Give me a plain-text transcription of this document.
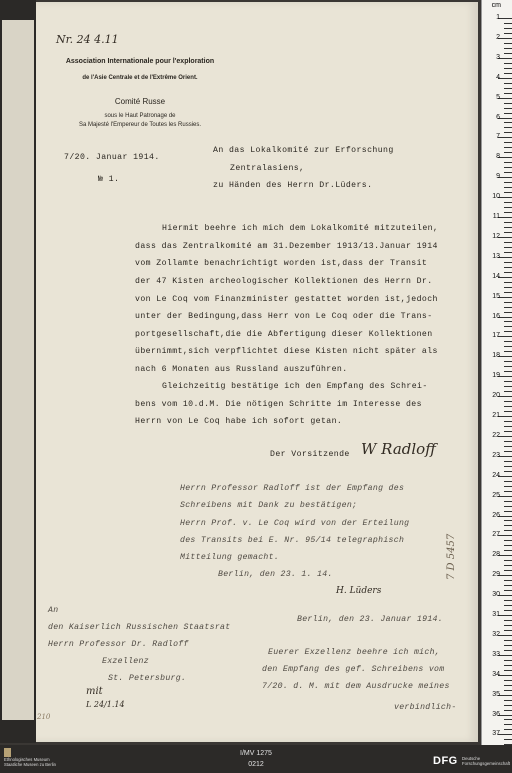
Nr. 24 4.11
Association Internationale pour l'exploration
de l'Asie Centrale et de l'Extrême Orient.
Comité Russe
sous le Haut Patronage de
Sa Majesté l'Empereur de Toutes les Russies.
7/20. Januar 1914.
№ 1.
An das Lokalkomité zur Erforschung
Zentralasiens,
zu Händen des Herrn Dr.Lüders.
Hiermit beehre ich mich dem Lokalkomité mitzuteilen,
dass das Zentralkomité am 31.Dezember 1913/13.Januar 1914
vom Zollamte benachrichtigt worden ist,dass der Transit
der 47 Kisten archeologischer Kollektionen des Herrn Dr.
von Le Coq vom Finanzminister gestattet worden ist,jedoch
unter der Bedingung,dass Herr von Le Coq oder die Trans-
portgesellschaft,die die Abfertigung dieser Kollektionen
übernimmt,sich verpflichtet diese Kisten nicht später als
nach 6 Monaten aus Russland auszuführen.
Gleichzeitig bestätige ich den Empfang des Schrei-
bens vom 10.d.M. Die nötigen Schritte im Interesse des
Herrn von Le Coq habe ich sofort getan.
Der Vorsitzende W Radloff
Herrn Professor Radloff ist der Empfang des
Schreibens mit Dank zu bestätigen;
Herrn Prof. v. Le Coq wird von der Erteilung
des Transits bei E. Nr. 95/14 telegraphisch
Mitteilung gemacht.
Berlin, den 23. 1. 14.
H. Lüders
An
den Kaiserlich Russischen Staatsrat
Herrn Professor Dr. Radloff
Exzellenz
St. Petersburg.
Berlin, den 23. Januar 1914.
Euerer Exzellenz beehre ich mich,
den Empfang des gef. Schreibens vom
7/20. d. M. mit dem Ausdrucke meines
verbindlich-
mit
L 24/1.14
210
7 D 5457
cm
1
2
3
4
5
6
7
8
9
10
11
12
13
14
15
16
17
18
19
20
21
22
23
24
25
26
27
28
29
30
31
32
33
34
35
36
37
Ethnologisches Museum
Staatliche Museen zu Berlin
I/MV 1275
0212	DFG Deutsche
Forschungsgemeinschaft
